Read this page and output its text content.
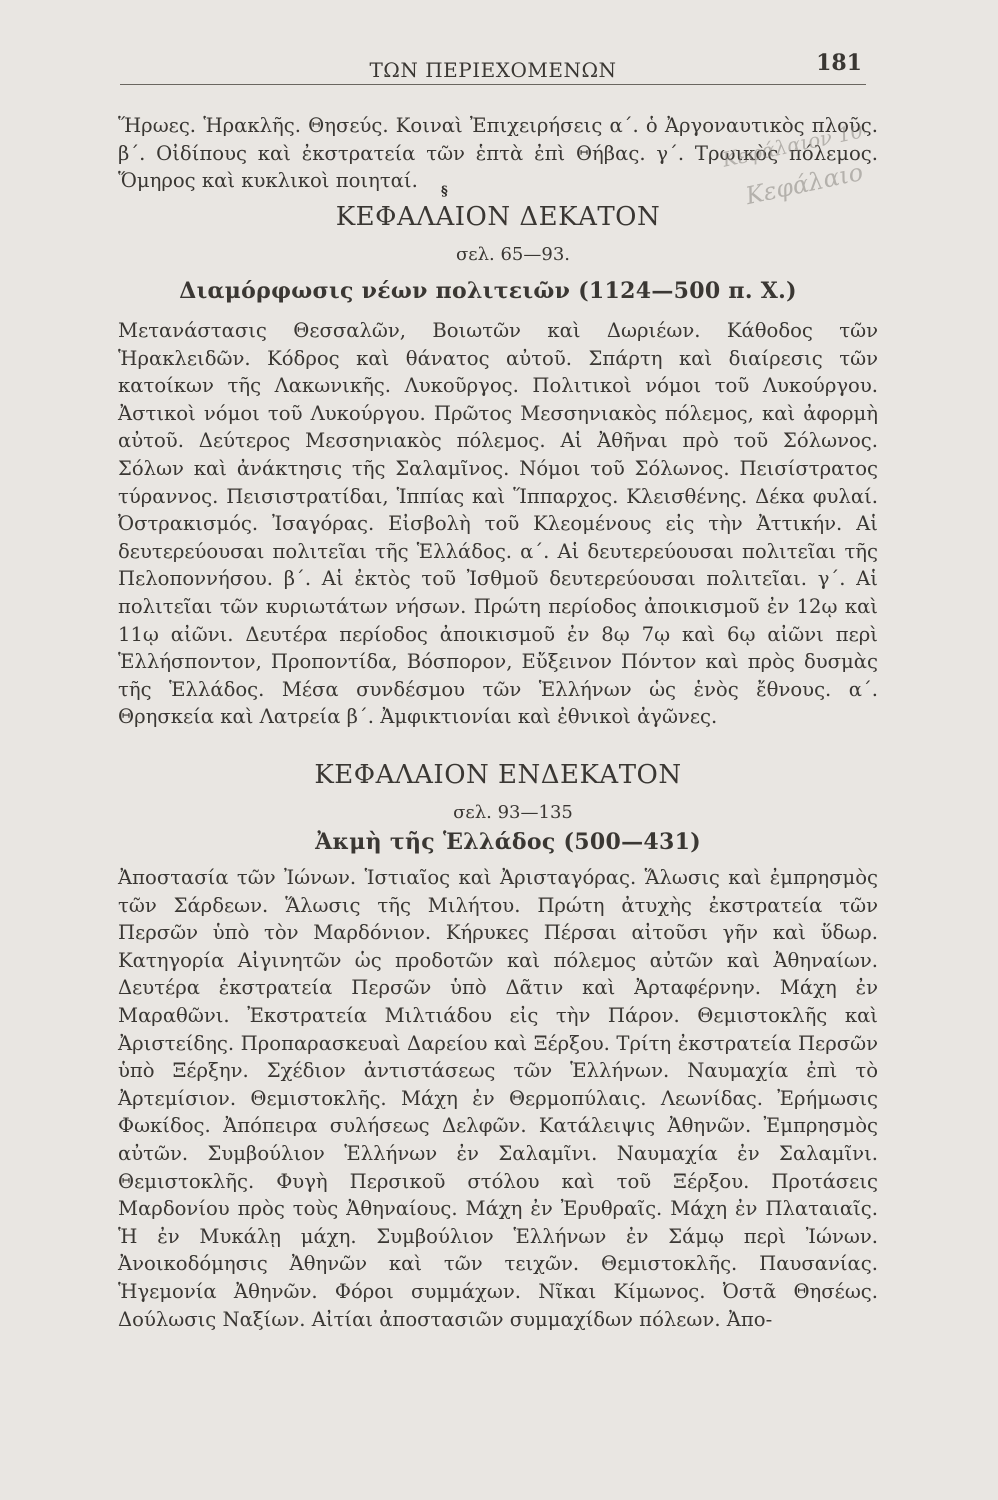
ΤΩΝ ΠΕΡΙΕΧΟΜΕΝΩΝ	181

Ἥρωες. Ἡρακλῆς. Θησεύς. Κοιναὶ Ἐπιχειρήσεις α΄. ὁ Ἀργοναυτικὸς πλοῦς. β΄. Οἰδίπους καὶ ἐκστρατεία τῶν ἑπτὰ ἐπὶ Θήβας. γ΄. Τρωικὸς πόλεμος. Ὅμηρος καὶ κυκλικοὶ ποιηταί.	§
Κεφάλαιον 10ον
Κεφάλαιο
ΚΕΦΑΛΑΙΟΝ ΔΕΚΑΤΟΝ
σελ. 65—93.
Διαμόρφωσις νέων πολιτειῶν (1124—500 π. Χ.)

Μετανάστασις Θεσσαλῶν, Βοιωτῶν καὶ Δωριέων. Κάθοδος τῶν Ἡρακλειδῶν. Κόδρος καὶ θάνατος αὐτοῦ. Σπάρτη καὶ διαίρεσις τῶν κατοίκων τῆς Λακωνικῆς. Λυκοῦργος. Πολιτικοὶ νόμοι τοῦ Λυκούργου. Ἀστικοὶ νόμοι τοῦ Λυκούργου. Πρῶτος Μεσσηνιακὸς πόλεμος, καὶ ἀφορμὴ αὐτοῦ. Δεύτερος Μεσσηνιακὸς πόλεμος. Αἱ Ἀθῆναι πρὸ τοῦ Σόλωνος. Σόλων καὶ ἀνάκτησις τῆς Σαλαμῖνος. Νόμοι τοῦ Σόλωνος. Πεισίστρατος τύραννος. Πεισιστρατίδαι, Ἱππίας καὶ Ἵππαρχος. Κλεισθένης. Δέκα φυλαί. Ὀστρακισμός. Ἰσαγόρας. Εἰσβολὴ τοῦ Κλεομένους εἰς τὴν Ἀττικήν. Αἱ δευτερεύουσαι πολιτεῖαι τῆς Ἑλλάδος. α΄. Αἱ δευτερεύουσαι πολιτεῖαι τῆς Πελοποννήσου. β΄. Αἱ ἐκτὸς τοῦ Ἰσθμοῦ δευτερεύουσαι πολιτεῖαι. γ΄. Αἱ πολιτεῖαι τῶν κυριωτάτων νήσων. Πρώτη περίοδος ἀποικισμοῦ ἐν 12ῳ καὶ 11ῳ αἰῶνι. Δευτέρα περίοδος ἀποικισμοῦ ἐν 8ῳ 7ῳ καὶ 6ῳ αἰῶνι περὶ Ἑλλήσποντον, Προποντίδα, Βόσπορον, Εὔξεινον Πόντον καὶ πρὸς δυσμὰς τῆς Ἑλλάδος. Μέσα συνδέσμου τῶν Ἑλλήνων ὡς ἑνὸς ἔθνους. α΄. Θρησκεία καὶ Λατρεία β΄. Ἀμφικτιονίαι καὶ ἐθνικοὶ ἀγῶνες.

ΚΕΦΑΛΑΙΟΝ ΕΝΔΕΚΑΤΟΝ
σελ. 93—135
Ἀκμὴ τῆς Ἑλλάδος (500—431)

Ἀποστασία τῶν Ἰώνων. Ἱστιαῖος καὶ Ἀρισταγόρας. Ἅλωσις καὶ ἐμπρησμὸς τῶν Σάρδεων. Ἅλωσις τῆς Μιλήτου. Πρώτη ἀτυχὴς ἐκστρατεία τῶν Περσῶν ὑπὸ τὸν Μαρδόνιον. Κήρυκες Πέρσαι αἰτοῦσι γῆν καὶ ὕδωρ. Κατηγορία Αἰγινητῶν ὡς προδοτῶν καὶ πόλεμος αὐτῶν καὶ Ἀθηναίων. Δευτέρα ἐκστρατεία Περσῶν ὑπὸ Δᾶτιν καὶ Ἀρταφέρνην. Μάχη ἐν Μαραθῶνι. Ἐκστρατεία Μιλτιάδου εἰς τὴν Πάρον. Θεμιστοκλῆς καὶ Ἀριστείδης. Προπαρασκευαὶ Δαρείου καὶ Ξέρξου. Τρίτη ἐκστρατεία Περσῶν ὑπὸ Ξέρξην. Σχέδιον ἀντιστάσεως τῶν Ἑλλήνων. Ναυμαχία ἐπὶ τὸ Ἀρτεμίσιον. Θεμιστοκλῆς. Μάχη ἐν Θερμοπύλαις. Λεωνίδας. Ἐρήμωσις Φωκίδος. Ἀπόπειρα συλήσεως Δελφῶν. Κατάλειψις Ἀθηνῶν. Ἐμπρησμὸς αὐτῶν. Συμβούλιον Ἑλλήνων ἐν Σαλαμῖνι. Ναυμαχία ἐν Σαλαμῖνι. Θεμιστοκλῆς. Φυγὴ Περσικοῦ στόλου καὶ τοῦ Ξέρξου. Προτάσεις Μαρδονίου πρὸς τοὺς Ἀθηναίους. Μάχη ἐν Ἐρυθραῖς. Μάχη ἐν Πλαταιαῖς. Ἡ ἐν Μυκάλῃ μάχη. Συμβούλιον Ἑλλήνων ἐν Σάμῳ περὶ Ἰώνων. Ἀνοικοδόμησις Ἀθηνῶν καὶ τῶν τειχῶν. Θεμιστοκλῆς. Παυσανίας. Ἡγεμονία Ἀθηνῶν. Φόροι συμμάχων. Νῖκαι Κίμωνος. Ὀστᾶ Θησέως. Δούλωσις Ναξίων. Αἰτίαι ἀποστασιῶν συμμαχίδων πόλεων. Ἀπο-
